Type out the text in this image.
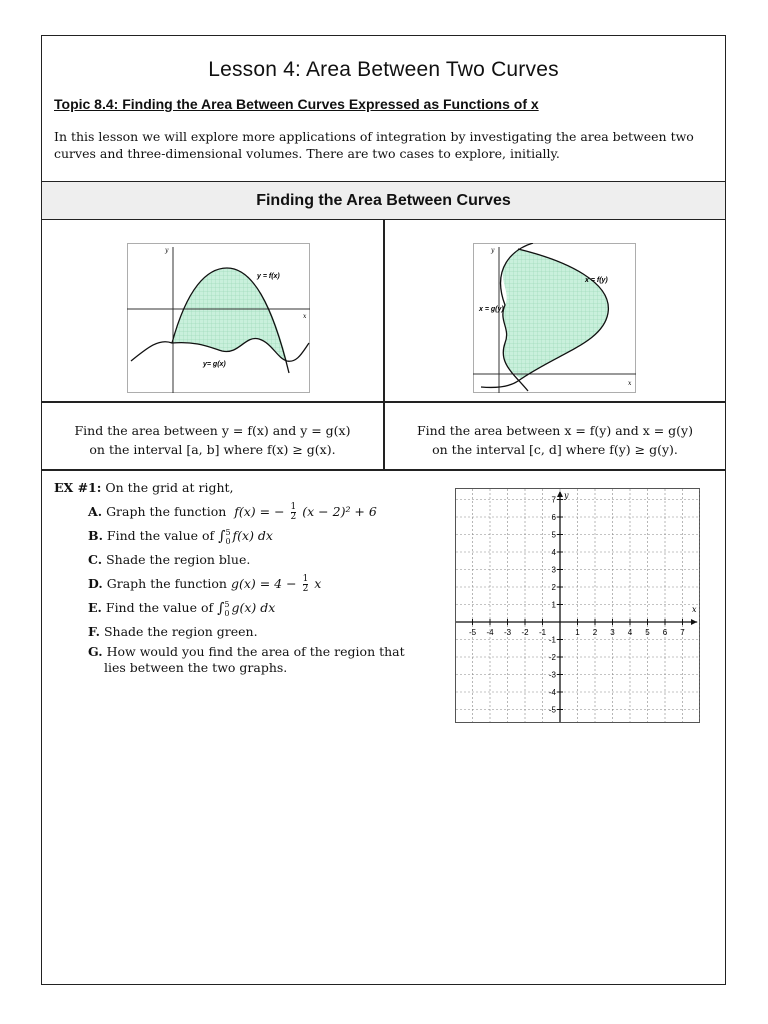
Lesson 4: Area Between Two Curves
Topic 8.4: Finding the Area Between Curves Expressed as Functions of x
In this lesson we will explore more applications of integration by investigating the area between two curves and three-dimensional volumes. There are two cases to explore, initially.
Finding the Area Between Curves
y = f(x)
y= g(x)
x
y
x = f(y)
x = g(y)
x
y
Find the area between y = f(x) and y = g(x)
on the interval [a, b] where f(x) ≥ g(x).
Find the area between x = f(y) and x = g(y)
on the interval [c, d] where f(y) ≥ g(y).
EX #1: On the grid at right,
A. Graph the function f(x) = − $\frac{1}{2} (x - 2)^2 + 6$
B. Find the value of ∫ 5
0 f(x) dx
C. Shade the region blue.
D. Graph the function $g(x) = 4 - \frac{1}{2}$ x
E. Find the value of ∫ 5
0 g(x) dx
F. Shade the region green.
G. How would you find the area of the region that
lies between the two graphs.
x
y
-5 -4 -3 -2 -1	1 2 3 4 5 6 7
7
6
5
4
3
2
1
-1
-2
-3
-4
-5
